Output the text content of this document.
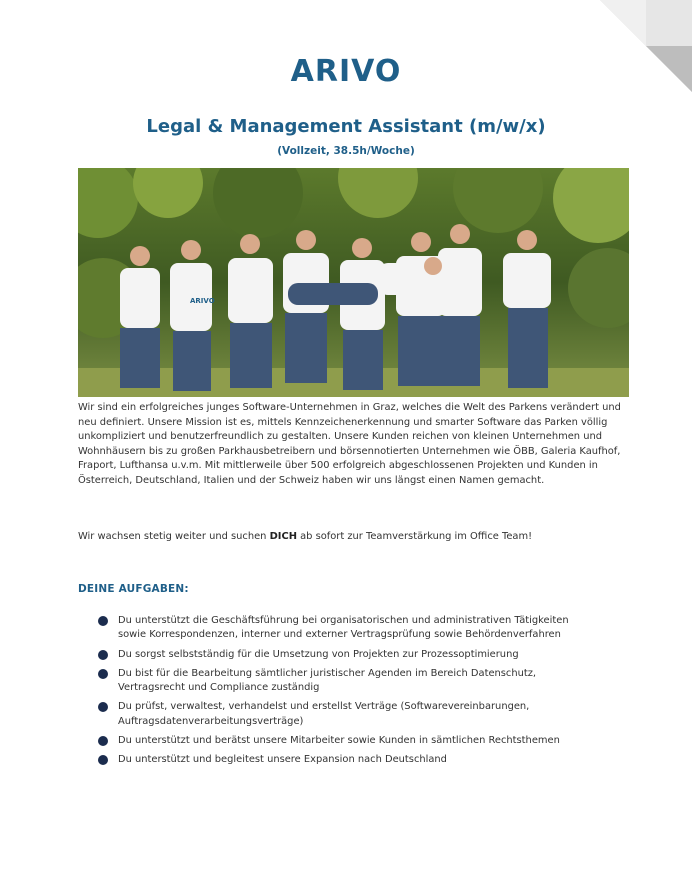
ARIVO
Legal & Management Assistant (m/w/x)
(Vollzeit, 38.5h/Woche)
ARIVO
Wir sind ein erfolgreiches junges Software-Unternehmen in Graz, welches die Welt des Parkens verändert und neu definiert. Unsere Mission ist es, mittels Kennzeichenerkennung und smarter Software das Parken völlig unkompliziert und benutzerfreundlich zu gestalten. Unsere Kunden reichen von kleinen Unternehmen und Wohnhäusern bis zu großen Parkhausbetreibern und börsennotierten Unternehmen wie ÖBB, Galeria Kaufhof, Fraport, Lufthansa u.v.m. Mit mittlerweile über 500 erfolgreich abgeschlossenen Projekten und Kunden in Österreich, Deutschland, Italien und der Schweiz haben wir uns längst einen Namen gemacht.
Wir wachsen stetig weiter und suchen DICH ab sofort zur Teamverstärkung im Office Team!
DEINE AUFGABEN:
Du unterstützt die Geschäftsführung bei organisatorischen und administrativen Tätigkeiten sowie Korrespondenzen, interner und externer Vertragsprüfung sowie Behördenverfahren
Du sorgst selbstständig für die Umsetzung von Projekten zur Prozessoptimierung
Du bist für die Bearbeitung sämtlicher juristischer Agenden im Bereich Datenschutz, Vertragsrecht und Compliance zuständig
Du prüfst, verwaltest, verhandelst und erstellst Verträge (Softwarevereinbarungen, Auftragsdatenverarbeitungsverträge)
Du unterstützt und berätst unsere Mitarbeiter sowie Kunden in sämtlichen Rechtsthemen
Du unterstützt und begleitest unsere Expansion nach Deutschland
